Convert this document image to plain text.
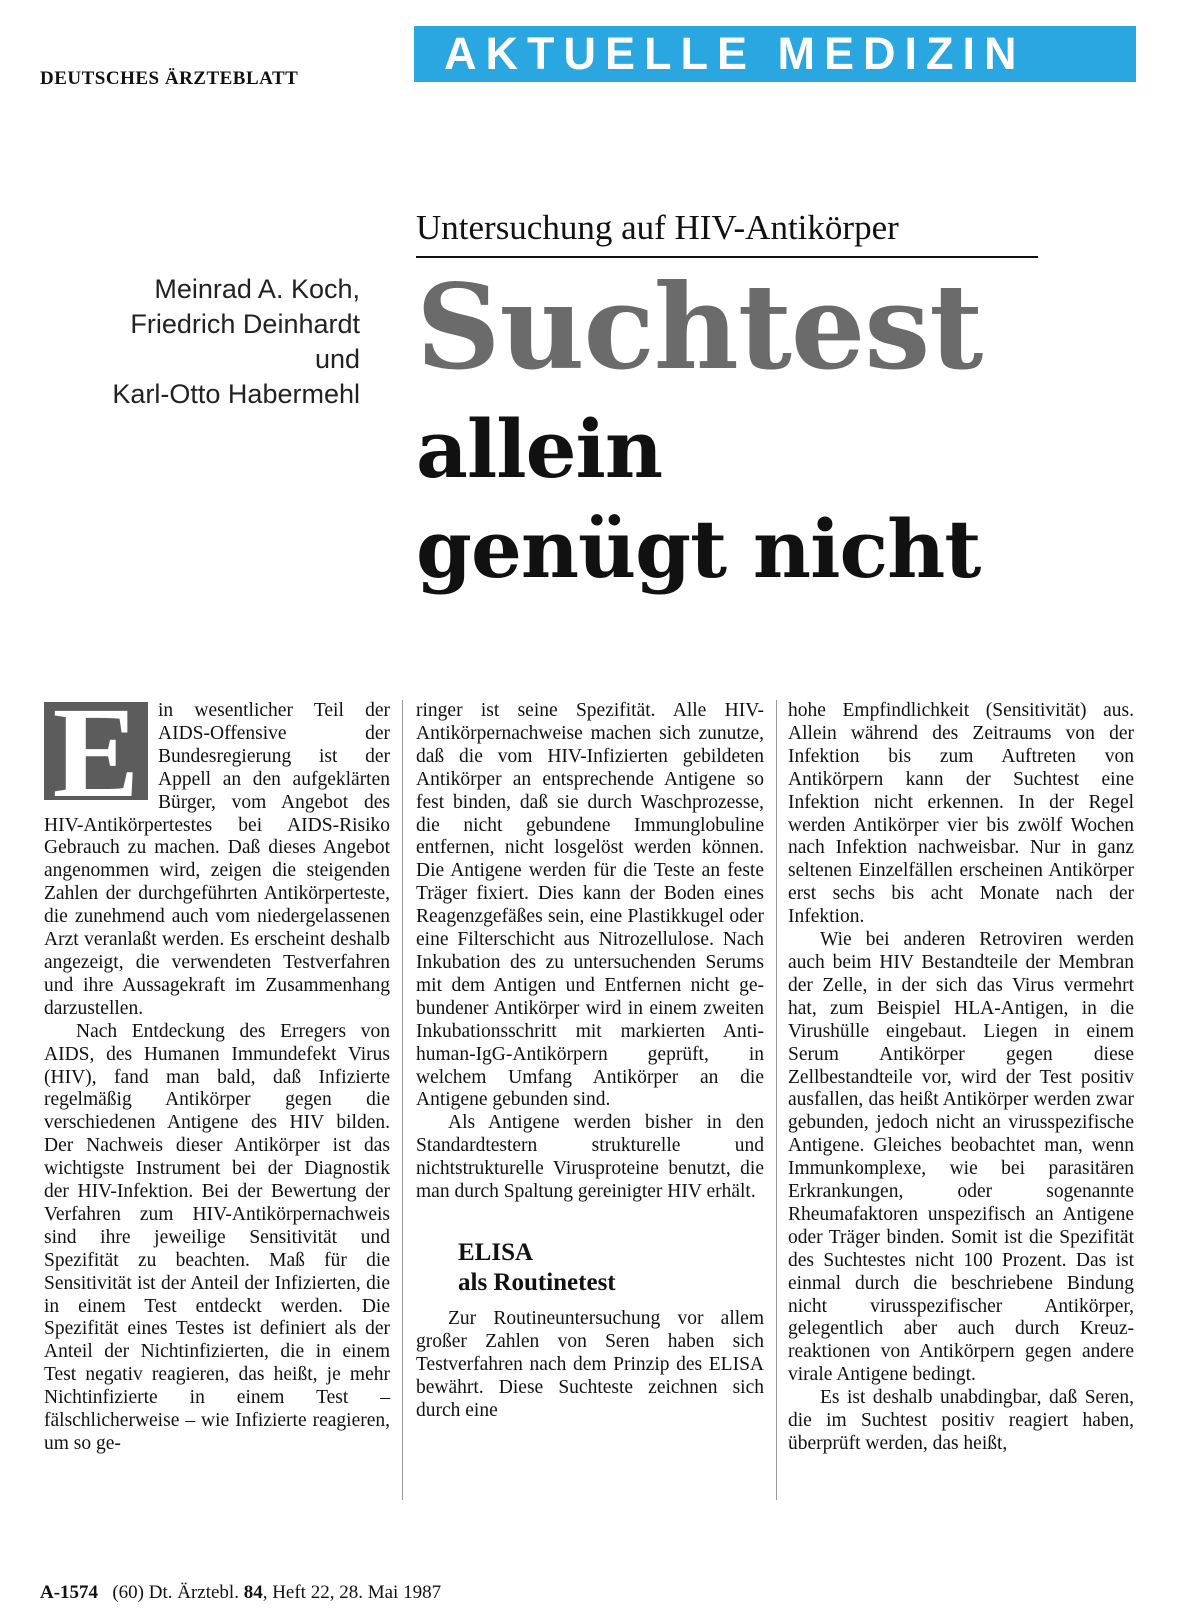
DEUTSCHES ÄRZTEBLATT	AKTUELLE MEDIZIN
Untersuchung auf HIV-Antikörper
Meinrad A. Koch,
Friedrich Deinhardt
und
Karl-Otto Habermehl Suchtest
allein
genügt nicht
E in wesentlicher Teil der AIDS-Offensive der Bundesregierung ist der Appell an den aufgeklärten Bürger, vom Angebot des HIV-Antikörpertestes bei AIDS-Risiko Gebrauch zu machen. Daß dieses Angebot angenommen wird, zeigen die steigenden Zahlen der durchgeführten Antikörperteste, die zunehmend auch vom niedergelassenen Arzt veranlaßt werden. Es erscheint deshalb angezeigt, die verwendeten Testverfahren und ihre Aussagekraft im Zusammenhang darzustellen.

Nach Entdeckung des Erregers von AIDS, des Humanen Immundefekt Virus (HIV), fand man bald, daß Infizierte regelmäßig Antikörper gegen die verschiedenen Antigene des HIV bilden. Der Nachweis dieser Antikörper ist das wichtigste Instrument bei der Diagnostik der HIV-Infektion. Bei der Bewertung der Verfahren zum HIV-Antikörpernachweis sind ihre jeweilige Sensitivität und Spezifität zu beachten. Maß für die Sensitivität ist der Anteil der Infizierten, die in einem Test entdeckt werden. Die Spezifität eines Testes ist definiert als der Anteil der Nichtinfizierten, die in einem Test negativ reagieren, das heißt, je mehr Nichtinfizierte in einem Test – fälschlicherweise – wie Infizierte reagieren, um so ge-

ringer ist seine Spezifität. Alle HIV-Antikörpernachweise machen sich zunutze, daß die vom HIV-Infizierten gebildeten Antikörper an entsprechende Antigene so fest binden, daß sie durch Waschprozesse, die nicht gebundene Immunglobuline entfernen, nicht losgelöst werden können. Die Antigene werden für die Teste an feste Träger fixiert. Dies kann der Boden eines Reagenzgefäßes sein, eine Plastikkugel oder eine Filterschicht aus Nitrozellulose. Nach Inkubation des zu untersuchenden Serums mit dem Antigen und Entfernen nicht gebundener Antikörper wird in einem zweiten Inkubationsschritt mit markierten Anti-human-IgG-Antikörpern geprüft, in welchem Umfang Antikörper an die Antigene gebunden sind.

Als Antigene werden bisher in den Standardtestern strukturelle und nichtstrukturelle Virusproteine benutzt, die man durch Spaltung gereinigter HIV erhält.

ELISA
als Routinetest

Zur Routineuntersuchung vor allem großer Zahlen von Seren haben sich Testverfahren nach dem Prinzip des ELISA bewährt. Diese Suchteste zeichnen sich durch eine

hohe Empfindlichkeit (Sensitivität) aus. Allein während des Zeitraums von der Infektion bis zum Auftreten von Antikörpern kann der Suchtest eine Infektion nicht erkennen. In der Regel werden Antikörper vier bis zwölf Wochen nach Infektion nachweisbar. Nur in ganz seltenen Einzelfällen erscheinen Antikörper erst sechs bis acht Monate nach der Infektion.

Wie bei anderen Retroviren werden auch beim HIV Bestandteile der Membran der Zelle, in der sich das Virus vermehrt hat, zum Beispiel HLA-Antigen, in die Virushülle eingebaut. Liegen in einem Serum Antikörper gegen diese Zellbestandteile vor, wird der Test positiv ausfallen, das heißt Antikörper werden zwar gebunden, jedoch nicht an virusspezifische Antigene. Gleiches beobachtet man, wenn Immunkomplexe, wie bei parasitären Erkrankungen, oder sogenannte Rheumafaktoren unspezifisch an Antigene oder Träger binden. Somit ist die Spezifität des Suchtestes nicht 100 Prozent. Das ist einmal durch die beschriebene Bindung nicht virusspezifischer Antikörper, gelegentlich aber auch durch Kreuzreaktionen von Antikörpern gegen andere virale Antigene bedingt.

Es ist deshalb unabdingbar, daß Seren, die im Suchtest positiv reagiert haben, überprüft werden, das heißt,

A-1574 (60) Dt. Ärztebl. 84, Heft 22, 28. Mai 1987
